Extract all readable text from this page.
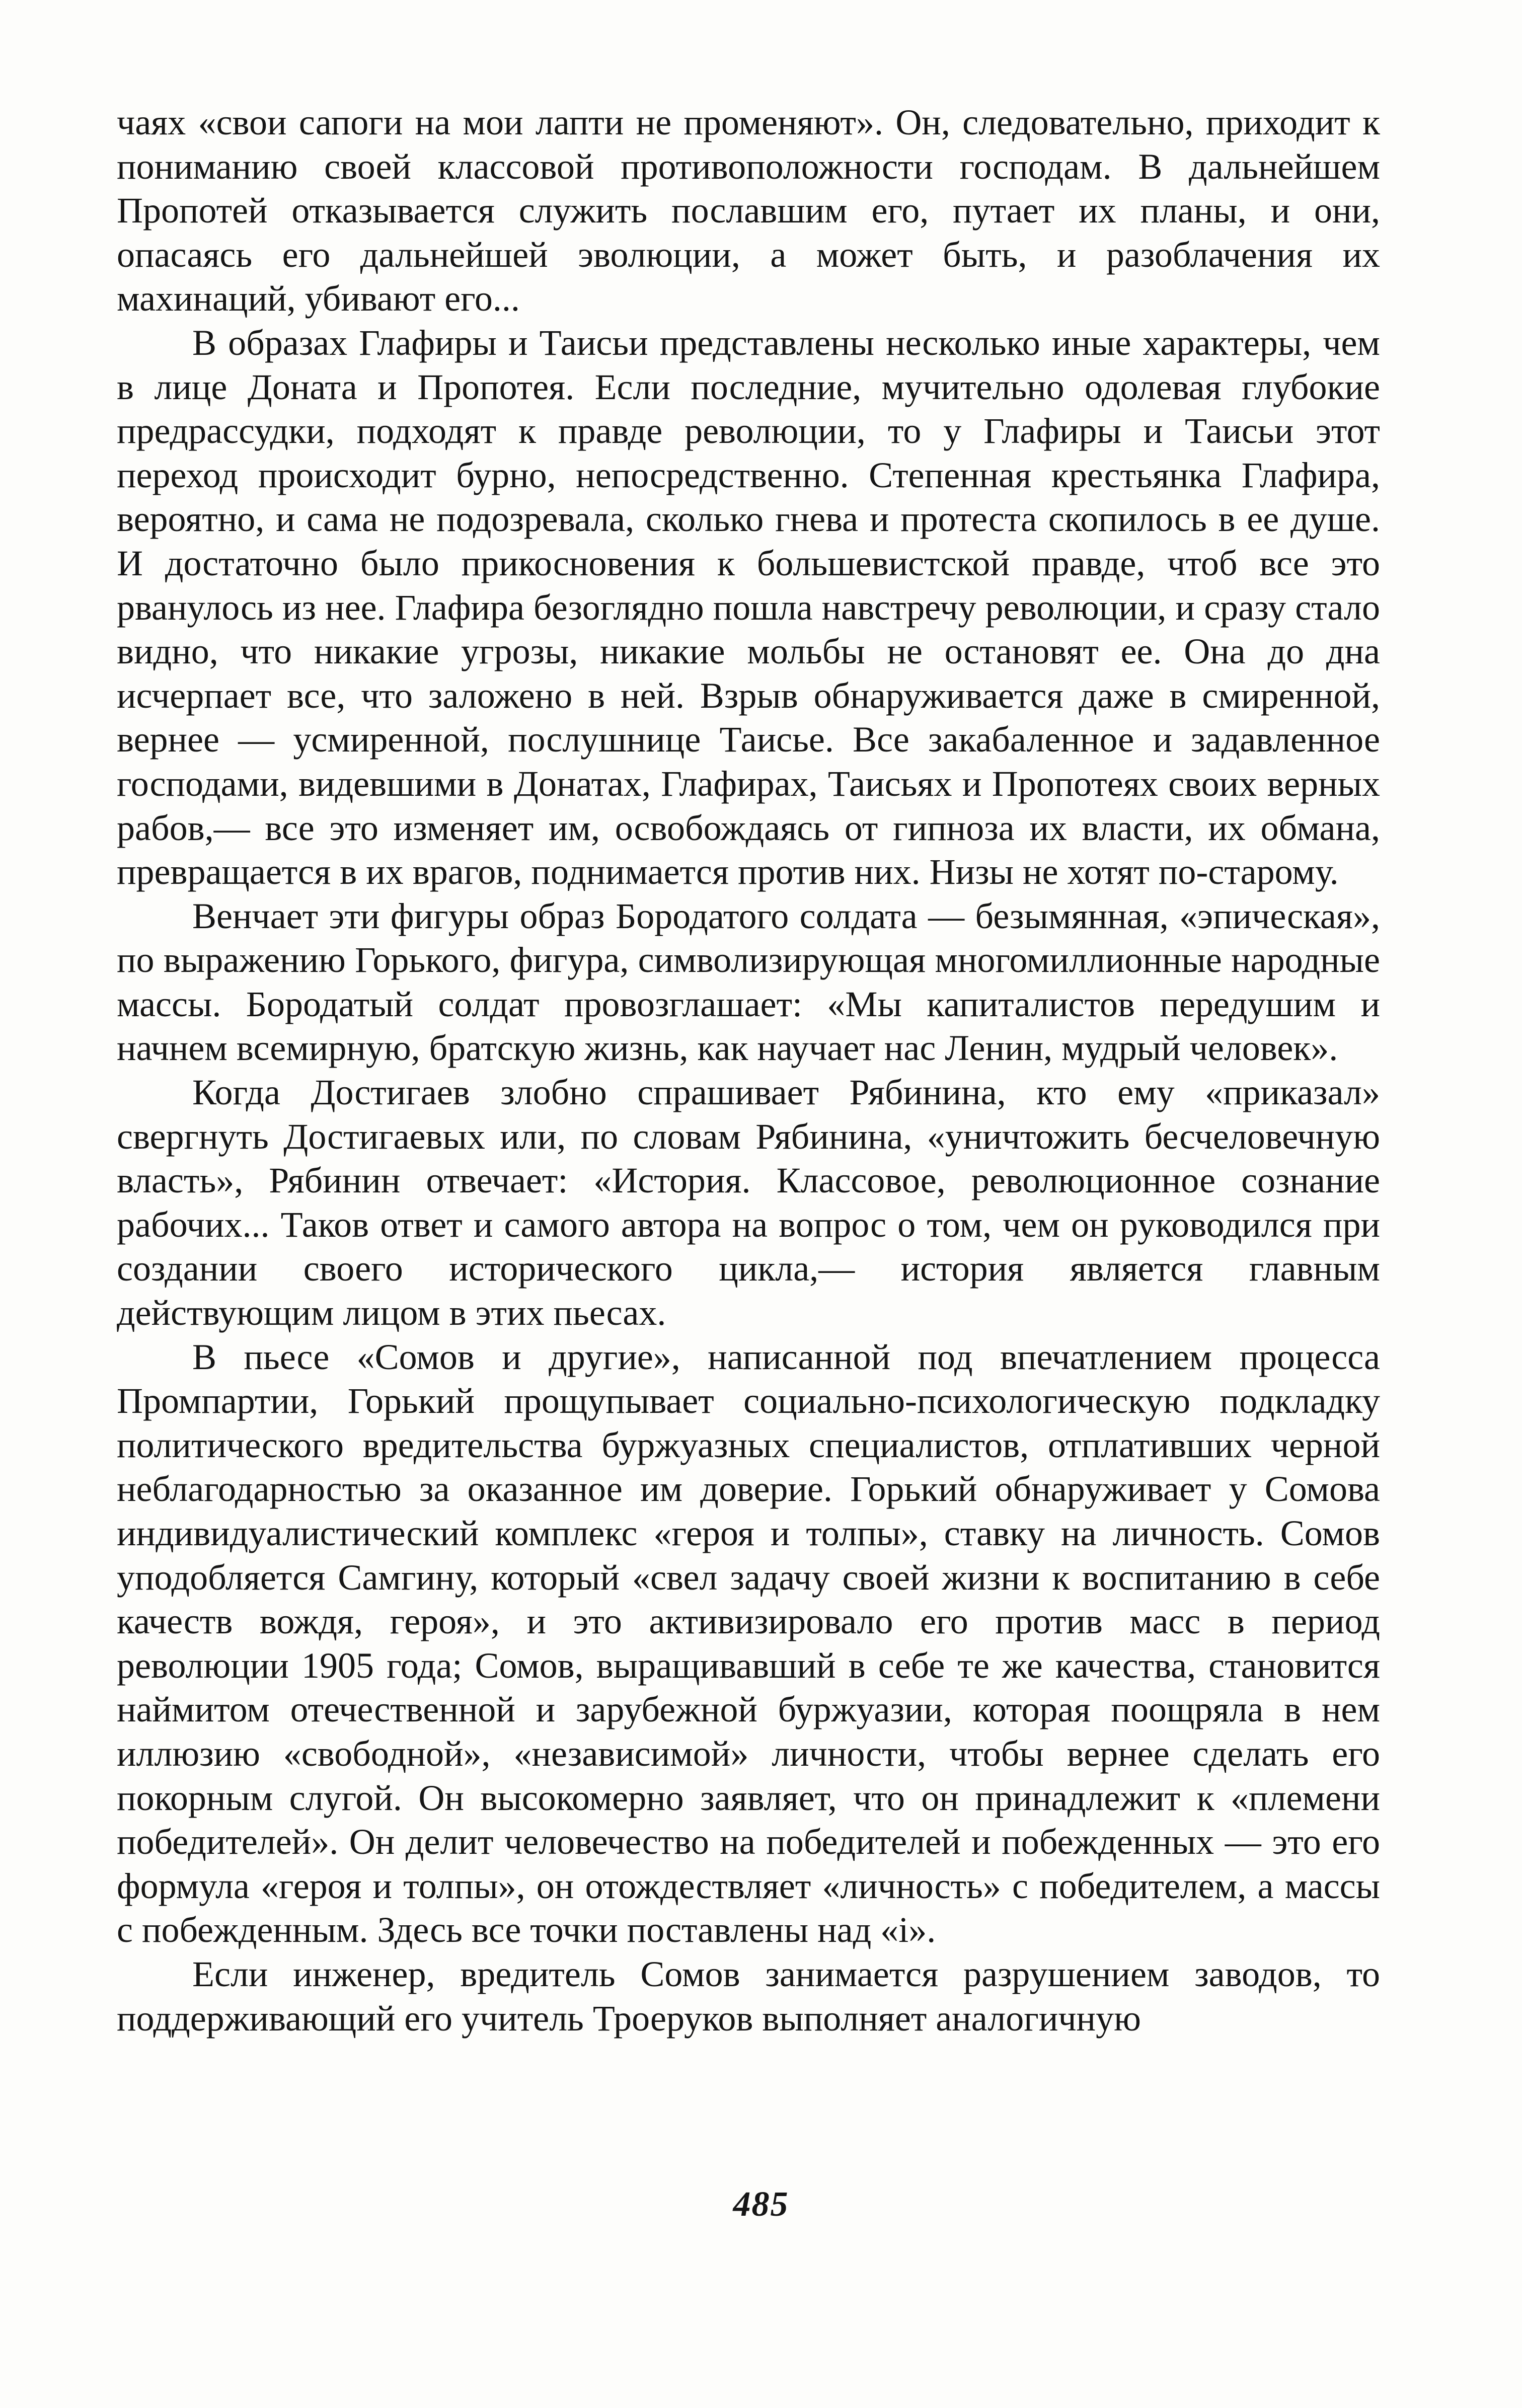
чаях «свои сапоги на мои лапти не променяют». Он, следовательно, приходит к пониманию своей классовой противоположности господам. В дальнейшем Пропотей отказывается служить пославшим его, путает их планы, и они, опасаясь его дальнейшей эволюции, а может быть, и разоблачения их махинаций, убивают его...

В образах Глафиры и Таисьи представлены несколько иные характеры, чем в лице Доната и Пропотея. Если последние, мучительно одолевая глубокие предрассудки, подходят к правде революции, то у Глафиры и Таисьи этот переход происходит бурно, непосредственно. Степенная крестьянка Глафира, вероятно, и сама не подозревала, сколько гнева и протеста скопилось в ее душе. И достаточно было прикосновения к большевистской правде, чтоб все это рванулось из нее. Глафира безоглядно пошла навстречу революции, и сразу стало видно, что никакие угрозы, никакие мольбы не остановят ее. Она до дна исчерпает все, что заложено в ней. Взрыв обнаруживается даже в смиренной, вернее — усмиренной, послушнице Таисье. Все закабаленное и задавленное господами, видевшими в Донатах, Глафирах, Таисьях и Пропотеях своих верных рабов,— все это изменяет им, освобождаясь от гипноза их власти, их обмана, превращается в их врагов, поднимается против них. Низы не хотят по-старому.

Венчает эти фигуры образ Бородатого солдата — безымянная, «эпическая», по выражению Горького, фигура, символизирующая многомиллионные народные массы. Бородатый солдат провозглашает: «Мы капиталистов передушим и начнем всемирную, братскую жизнь, как научает нас Ленин, мудрый человек».

Когда Достигаев злобно спрашивает Рябинина, кто ему «приказал» свергнуть Достигаевых или, по словам Рябинина, «уничтожить бесчеловечную власть», Рябинин отвечает: «История. Классовое, революционное сознание рабочих... Таков ответ и самого автора на вопрос о том, чем он руководился при создании своего исторического цикла,— история является главным действующим лицом в этих пьесах.

В пьесе «Сомов и другие», написанной под впечатлением процесса Промпартии, Горький прощупывает социально-психологическую подкладку политического вредительства буржуазных специалистов, отплативших черной неблагодарностью за оказанное им доверие. Горький обнаруживает у Сомова индивидуалистический комплекс «героя и толпы», ставку на личность. Сомов уподобляется Самгину, который «свел задачу своей жизни к воспитанию в себе качеств вождя, героя», и это активизировало его против масс в период революции 1905 года; Сомов, выращивавший в себе те же качества, становится наймитом отечественной и зарубежной буржуазии, которая поощряла в нем иллюзию «свободной», «независимой» личности, чтобы вернее сделать его покорным слугой. Он высокомерно заявляет, что он принадлежит к «племени победителей». Он делит человечество на победителей и побежденных — это его формула «героя и толпы», он отождествляет «личность» с победителем, а массы с побежденным. Здесь все точки поставлены над «і».

Если инженер, вредитель Сомов занимается разрушением заводов, то поддерживающий его учитель Троеруков выполняет аналогичную

485
